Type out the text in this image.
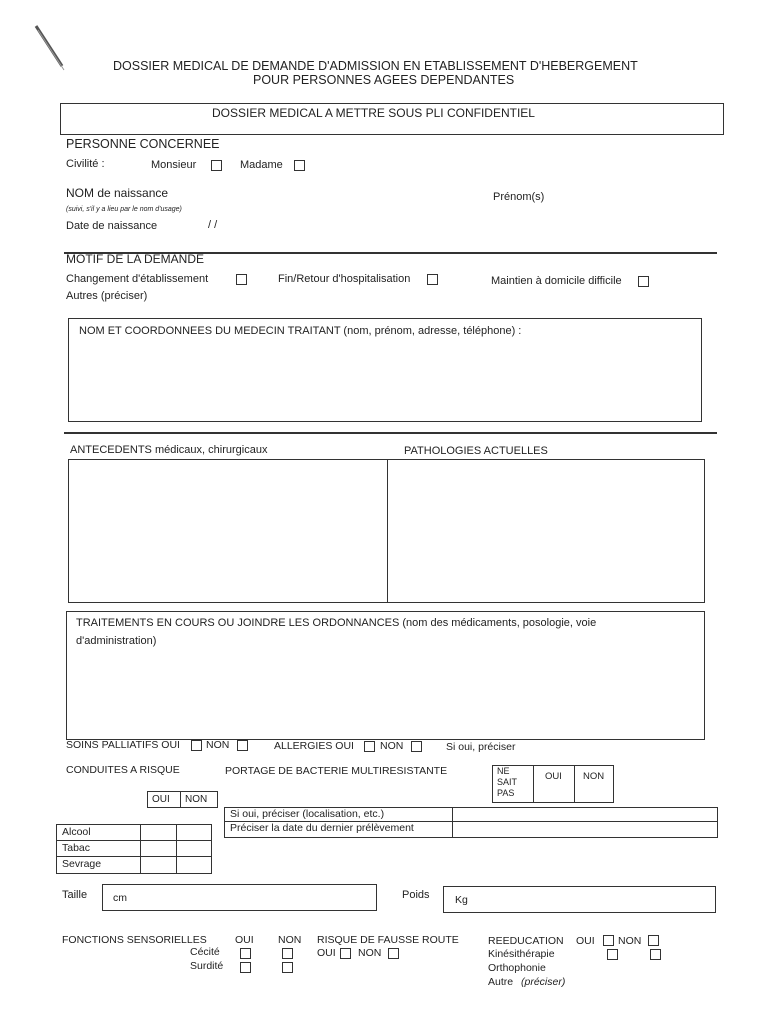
DOSSIER MEDICAL DE DEMANDE D'ADMISSION EN ETABLISSEMENT D'HEBERGEMENT
POUR PERSONNES AGEES DEPENDANTES
DOSSIER MEDICAL A METTRE SOUS PLI CONFIDENTIEL
PERSONNE CONCERNEE
Civilité :	Monsieur	Madame
NOM de naissance
(suivi, s'il y a lieu par le nom d'usage)
Prénom(s)
Date de naissance	/ /
MOTIF DE LA DEMANDE
Changement d'établissement	Fin/Retour d'hospitalisation	Maintien à domicile difficile
Autres (préciser)
NOM ET COORDONNEES DU MEDECIN TRAITANT (nom, prénom, adresse, téléphone) :
ANTECEDENTS médicaux, chirurgicaux	PATHOLOGIES ACTUELLES
TRAITEMENTS EN COURS OU JOINDRE LES ORDONNANCES (nom des médicaments, posologie, voie
d'administration)
SOINS PALLIATIFS OUI NON	ALLERGIES OUI NON	Si oui, préciser
CONDUITES A RISQUE	PORTAGE DE BACTERIE MULTIRESISTANTE	NE
SAIT
PAS
OUI NON
OUI NON
Si oui, préciser (localisation, etc.)
Préciser la date du dernier prélèvement
Alcool
Tabac
Sevrage
Taille cm	Poids Kg
FONCTIONS SENSORIELLES	OUI NON
Cécité
Surdité
RISQUE DE FAUSSE ROUTE
OUI NON
REEDUCATION OUI NON
Kinésithérapie
Orthophonie
Autre (préciser)
